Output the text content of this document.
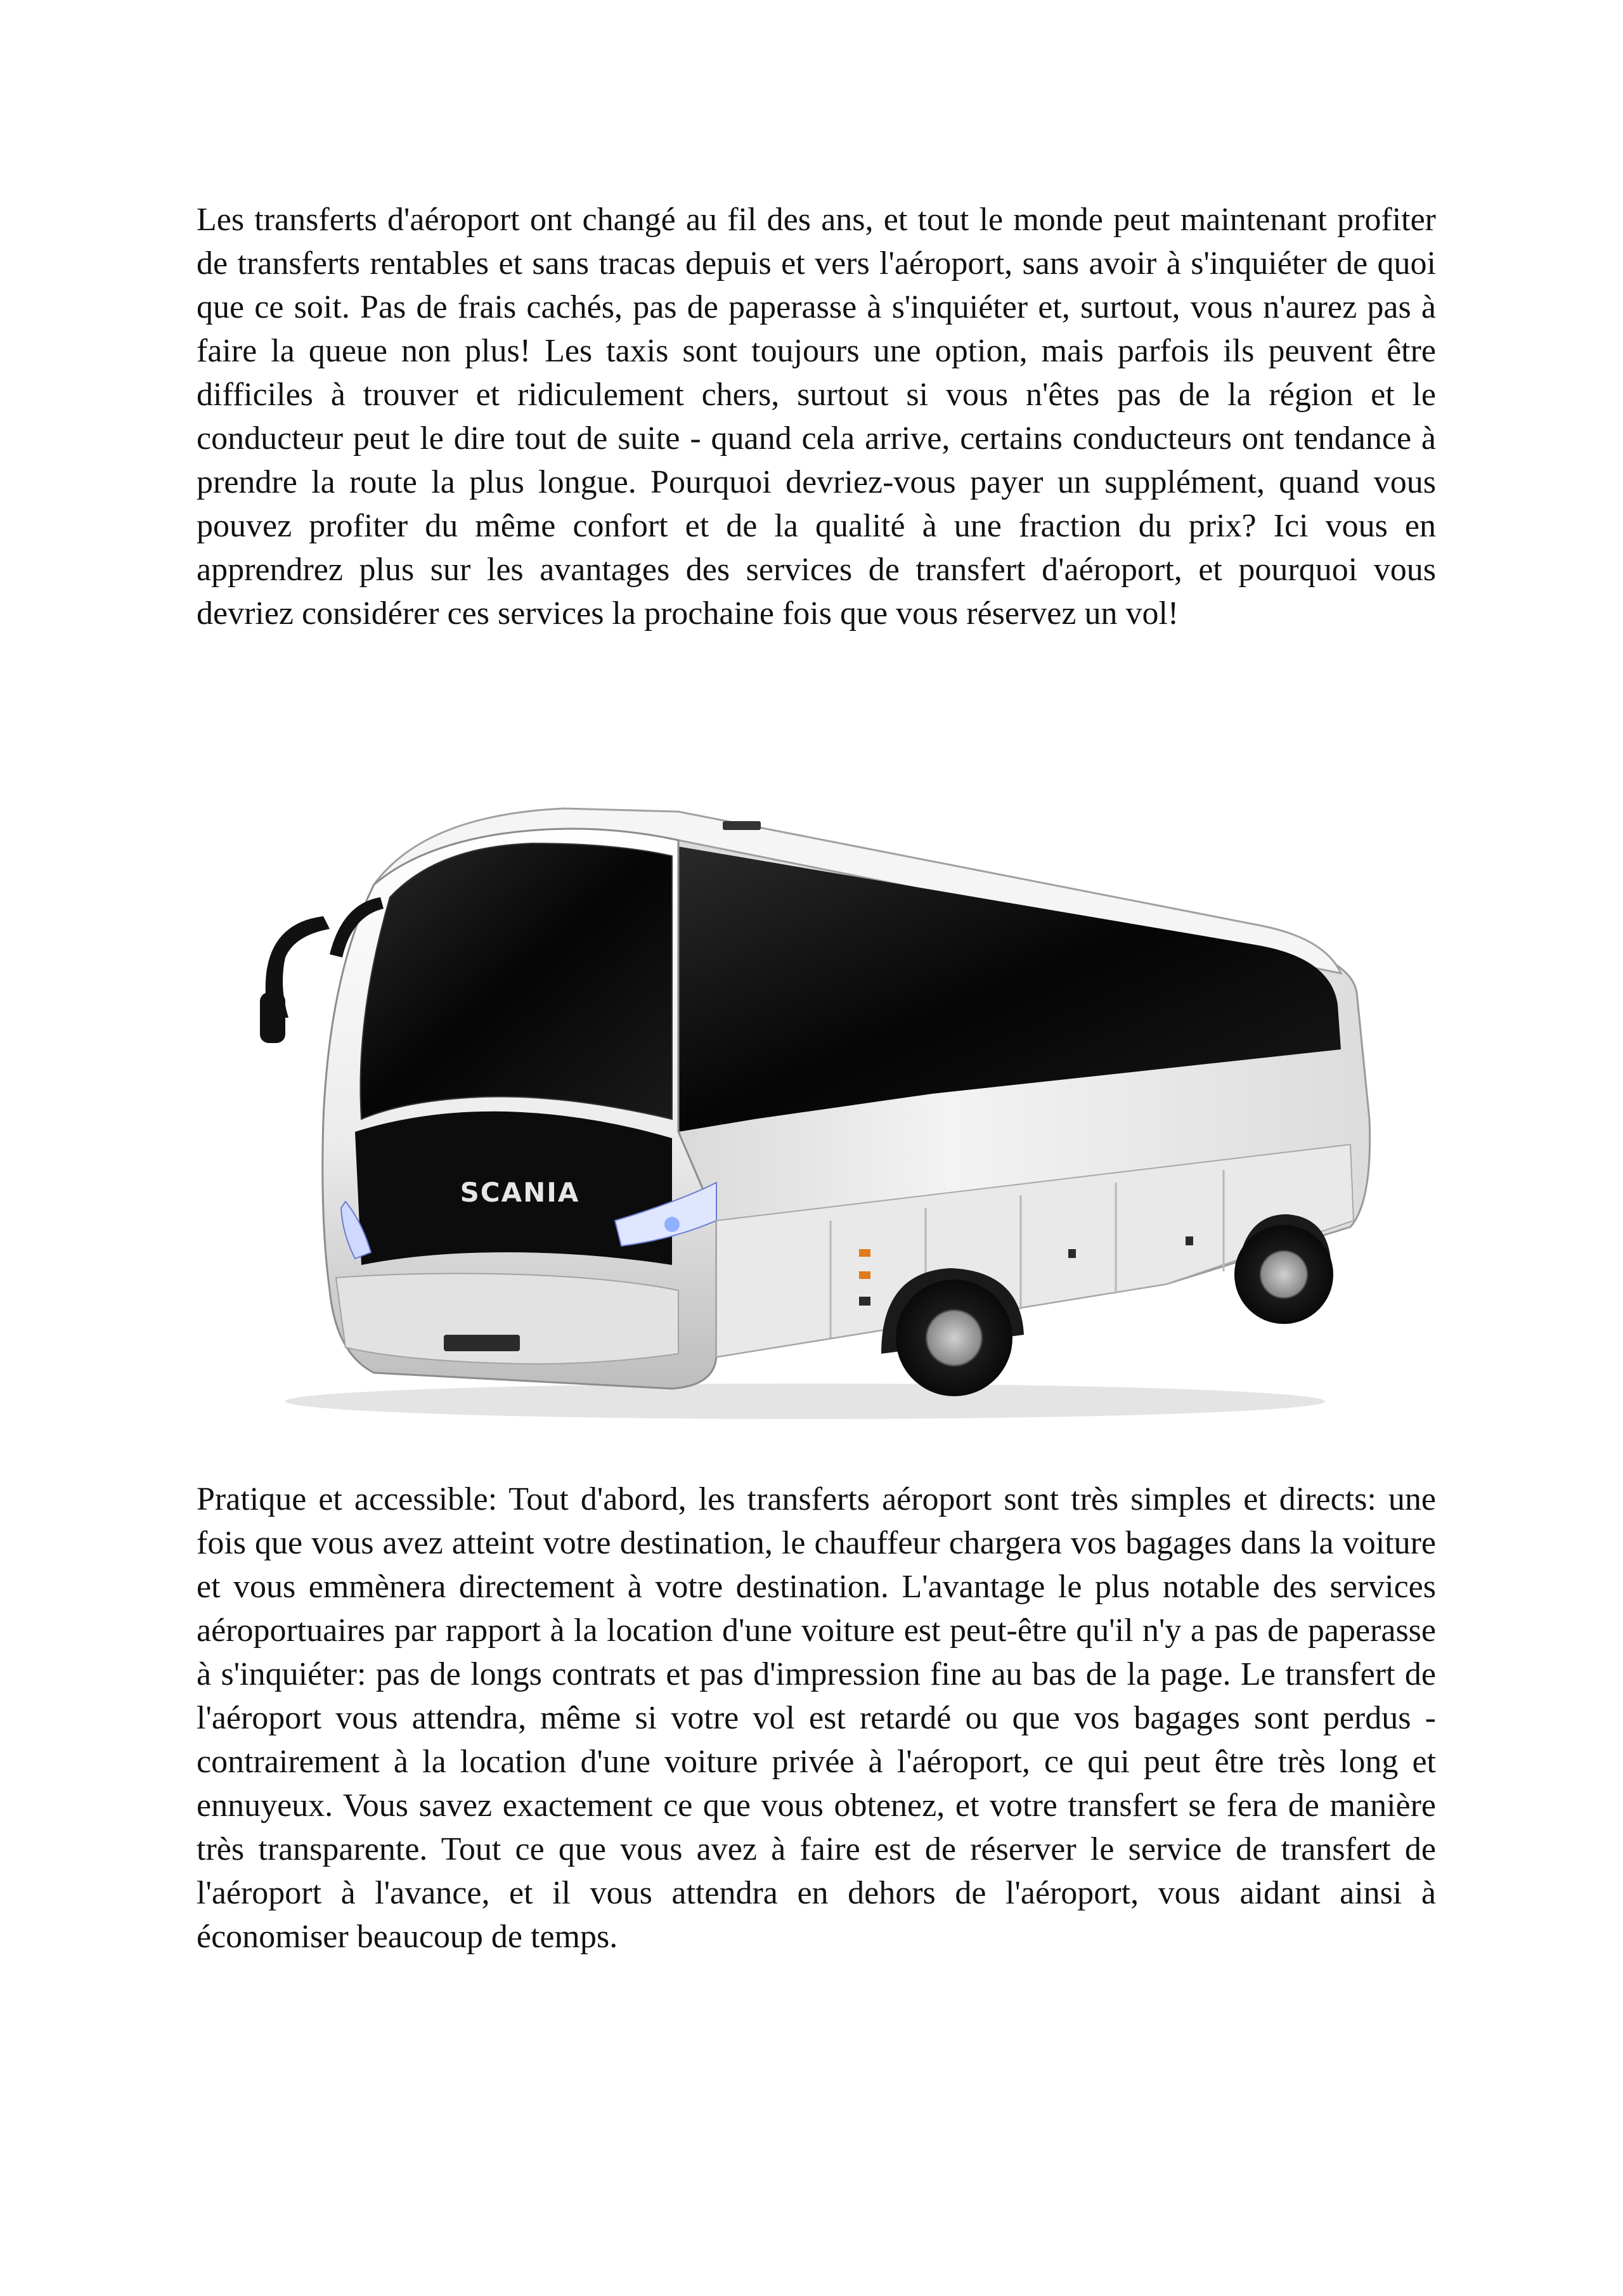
Les transferts d'aéroport ont changé au fil des ans, et tout le monde peut maintenant profiter de transferts rentables et sans tracas depuis et vers l'aéroport, sans avoir à s'inquiéter de quoi que ce soit. Pas de frais cachés, pas de paperasse à s'inquiéter et, surtout, vous n'aurez pas à faire la queue non plus! Les taxis sont toujours une option, mais parfois ils peuvent être difficiles à trouver et ridiculement chers, surtout si vous n'êtes pas de la région et le conducteur peut le dire tout de suite - quand cela arrive, certains conducteurs ont tendance à prendre la route la plus longue. Pourquoi devriez-vous payer un supplément, quand vous pouvez profiter du même confort et de la qualité à une fraction du prix? Ici vous en apprendrez plus sur les avantages des services de transfert d'aéroport, et pourquoi vous devriez considérer ces services la prochaine fois que vous réservez un vol!

SCANIA

Pratique et accessible: Tout d'abord, les transferts aéroport sont très simples et directs: une fois que vous avez atteint votre destination, le chauffeur chargera vos bagages dans la voiture et vous emmènera directement à votre destination. L'avantage le plus notable des services aéroportuaires par rapport à la location d'une voiture est peut-être qu'il n'y a pas de paperasse à s'inquiéter: pas de longs contrats et pas d'impression fine au bas de la page. Le transfert de l'aéroport vous attendra, même si votre vol est retardé ou que vos bagages sont perdus - contrairement à la location d'une voiture privée à l'aéroport, ce qui peut être très long et ennuyeux. Vous savez exactement ce que vous obtenez, et votre transfert se fera de manière très transparente. Tout ce que vous avez à faire est de réserver le service de transfert de l'aéroport à l'avance, et il vous attendra en dehors de l'aéroport, vous aidant ainsi à économiser beaucoup de temps.
